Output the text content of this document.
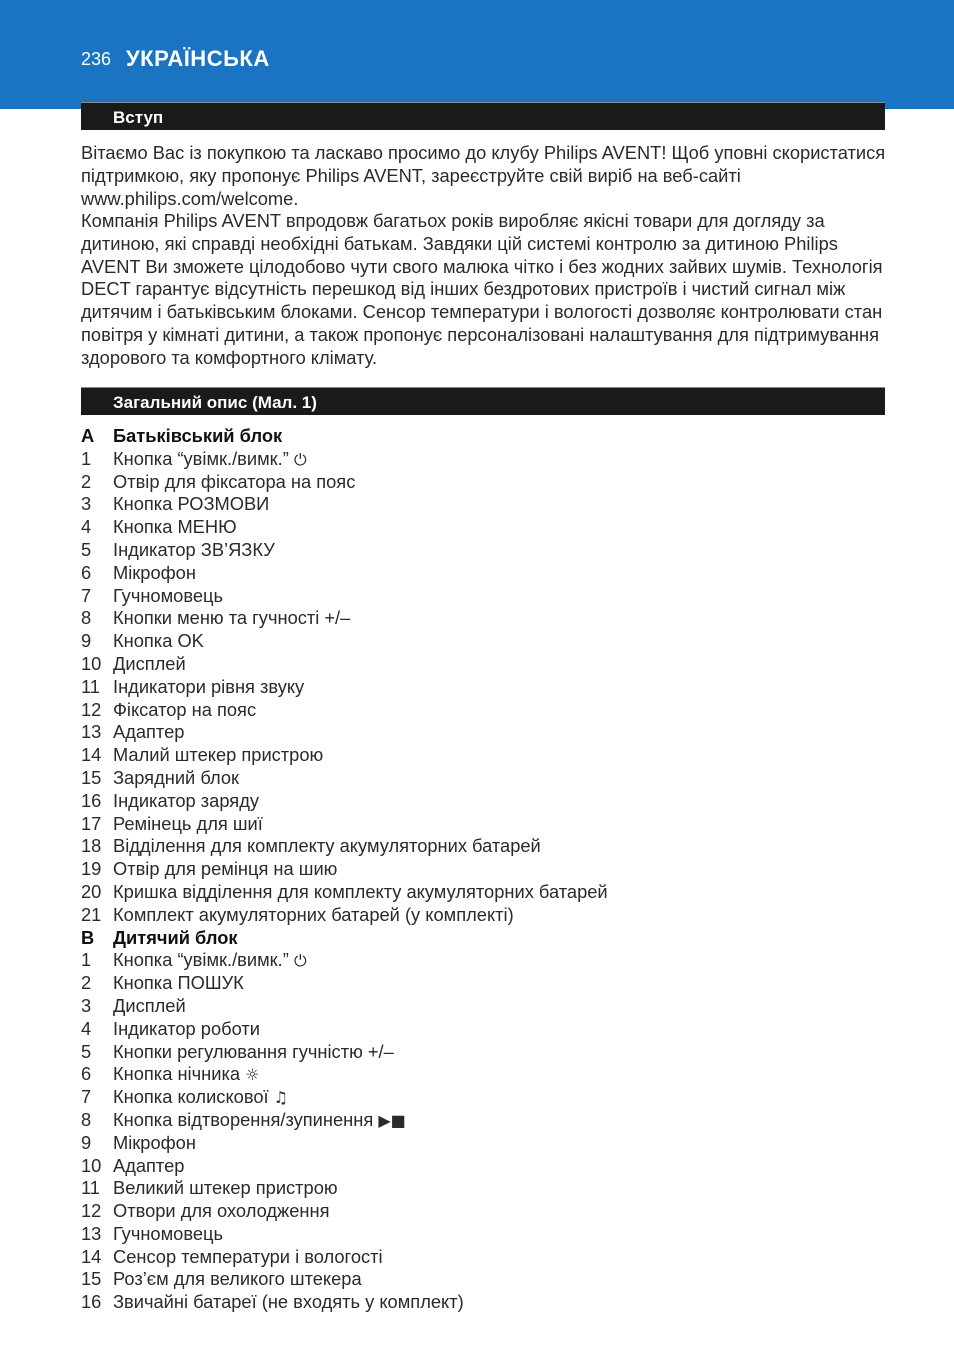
236 УКРАЇНСЬКА
Вступ

Вітаємо Вас із покупкою та ласкаво просимо до клубу Philips AVENT! Щоб уповні скористатися підтримкою, яку пропонує Philips AVENT, зареєструйте свій виріб на веб-сайті www.philips.com/welcome.

Компанія Philips AVENT впродовж багатьох років виробляє якісні товари для догляду за дитиною, які справді необхідні батькам. Завдяки цій системі контролю за дитиною Philips AVENT Ви зможете цілодобово чути свого малюка чітко і без жодних зайвих шумів. Технологія DECT гарантує відсутність перешкод від інших бездротових пристроїв і чистий сигнал між дитячим і батьківським блоками. Сенсор температури і вологості дозволяє контролювати стан повітря у кімнаті дитини, а також пропонує персоналізовані налаштування для підтримування здорового та комфортного клімату.

Загальний опис (Мал. 1)
A Батьківський блок
1 Кнопка “увімк./вимк.” ⏻
2 Отвір для фіксатора на пояс
3 Кнопка РОЗМОВИ
4 Кнопка МЕНЮ
5 Індикатор ЗВ’ЯЗКУ
6 Мікрофон
7 Гучномовець
8 Кнопки меню та гучності +/–
9 Кнопка OK
10 Дисплей
11 Індикатори рівня звуку
12 Фіксатор на пояс
13 Адаптер
14 Малий штекер пристрою
15 Зарядний блок
16 Індикатор заряду
17 Ремінець для шиї
18 Відділення для комплекту акумуляторних батарей
19 Отвір для ремінця на шию
20 Кришка відділення для комплекту акумуляторних батарей
21 Комплект акумуляторних батарей (у комплекті)
B Дитячий блок
1 Кнопка “увімк./вимк.” ⏻
2 Кнопка ПОШУК
3 Дисплей
4 Індикатор роботи
5 Кнопки регулювання гучністю +/–
6 Кнопка нічника ☼
7 Кнопка колискової ♫
8 Кнопка відтворення/зупинення ▶■
9 Мікрофон
10 Адаптер
11 Великий штекер пристрою
12 Отвори для охолодження
13 Гучномовець
14 Сенсор температури і вологості
15 Роз’єм для великого штекера
16 Звичайні батареї (не входять у комплект)
